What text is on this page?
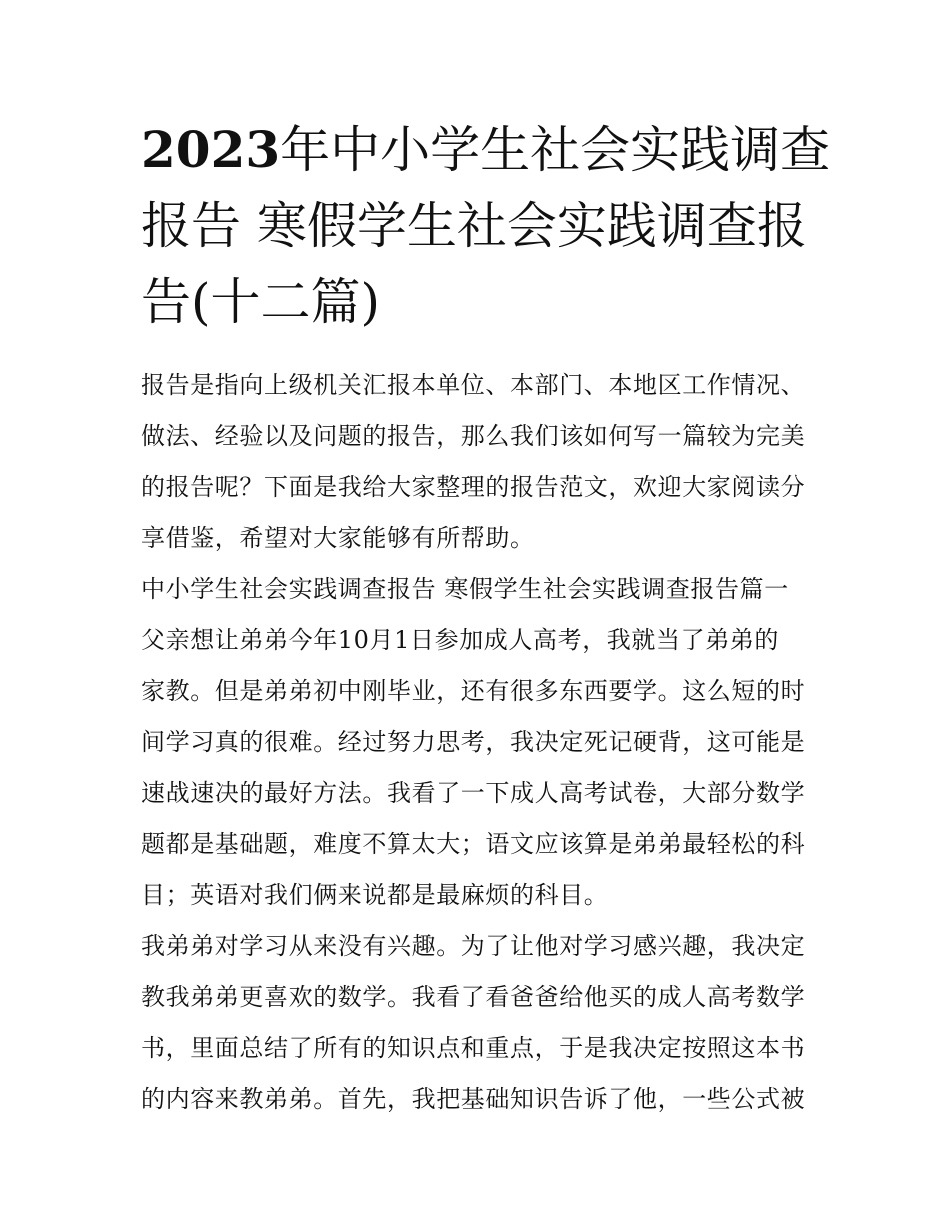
2023年中小学生社会实践调查
报告 寒假学生社会实践调查报
告(十二篇)

报告是指向上级机关汇报本单位、本部门、本地区工作情况、
做法、经验以及问题的报告，那么我们该如何写一篇较为完美
的报告呢？下面是我给大家整理的报告范文，欢迎大家阅读分
享借鉴，希望对大家能够有所帮助。

中小学生社会实践调查报告 寒假学生社会实践调查报告篇一

父亲想让弟弟今年10月1日参加成人高考，我就当了弟弟的
家教。但是弟弟初中刚毕业，还有很多东西要学。这么短的时
间学习真的很难。经过努力思考，我决定死记硬背，这可能是
速战速决的最好方法。我看了一下成人高考试卷，大部分数学
题都是基础题，难度不算太大；语文应该算是弟弟最轻松的科
目；英语对我们俩来说都是最麻烦的科目。

我弟弟对学习从来没有兴趣。为了让他对学习感兴趣，我决定
教我弟弟更喜欢的数学。我看了看爸爸给他买的成人高考数学
书，里面总结了所有的知识点和重点，于是我决定按照这本书
的内容来教弟弟。首先，我把基础知识告诉了他，一些公式被
